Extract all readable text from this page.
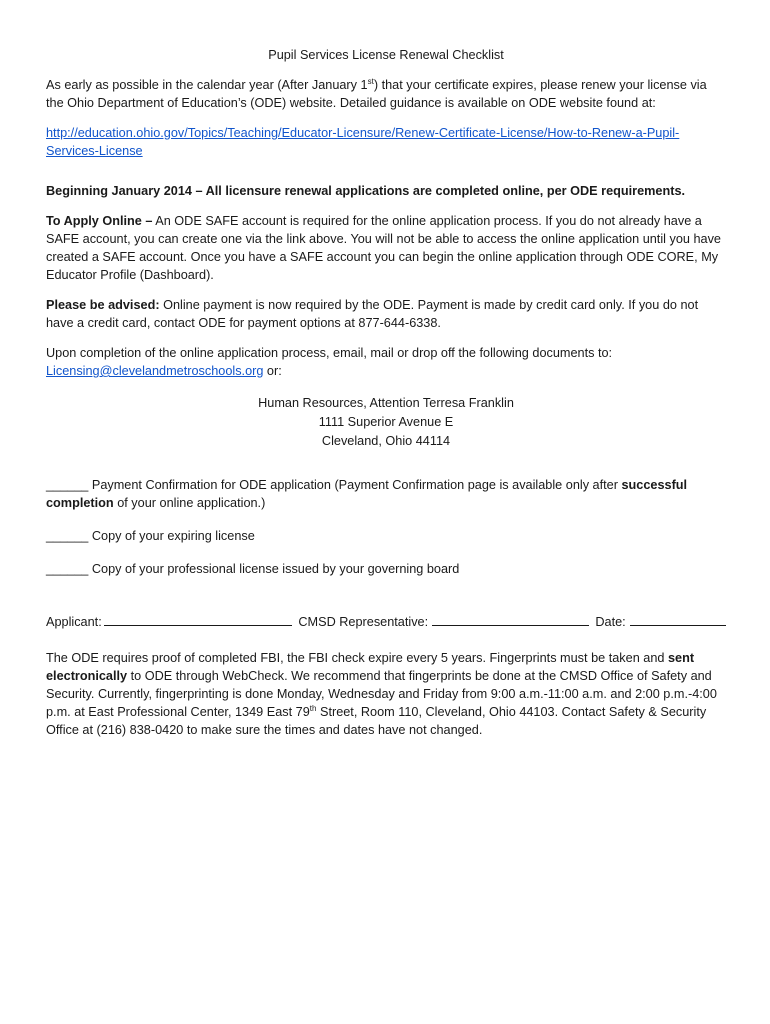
Pupil Services License Renewal Checklist

As early as possible in the calendar year (After January 1st) that your certificate expires, please renew your license via the Ohio Department of Education’s (ODE) website. Detailed guidance is available on ODE website found at:

http://education.ohio.gov/Topics/Teaching/Educator-Licensure/Renew-Certificate-License/How-to-Renew-a-Pupil-Services-License

Beginning January 2014 – All licensure renewal applications are completed online, per ODE requirements.

To Apply Online – An ODE SAFE account is required for the online application process. If you do not already have a SAFE account, you can create one via the link above. You will not be able to access the online application until you have created a SAFE account. Once you have a SAFE account you can begin the online application through ODE CORE, My Educator Profile (Dashboard).

Please be advised: Online payment is now required by the ODE. Payment is made by credit card only. If you do not have a credit card, contact ODE for payment options at 877-644-6338.

Upon completion of the online application process, email, mail or drop off the following documents to:
Licensing@clevelandmetroschools.org or:

Human Resources, Attention Terresa Franklin
1111 Superior Avenue E
Cleveland, Ohio 44114
______ Payment Confirmation for ODE application (Payment Confirmation page is available only after successful completion of your online application.)
______ Copy of your expiring license
______ Copy of your professional license issued by your governing board
Applicant:	CMSD Representative:	Date:

The ODE requires proof of completed FBI, the FBI check expire every 5 years. Fingerprints must be taken and sent electronically to ODE through WebCheck. We recommend that fingerprints be done at the CMSD Office of Safety and Security. Currently, fingerprinting is done Monday, Wednesday and Friday from 9:00 a.m.-11:00 a.m. and 2:00 p.m.-4:00 p.m. at East Professional Center, 1349 East 79th Street, Room 110, Cleveland, Ohio 44103. Contact Safety & Security Office at (216) 838-0420 to make sure the times and dates have not changed.
